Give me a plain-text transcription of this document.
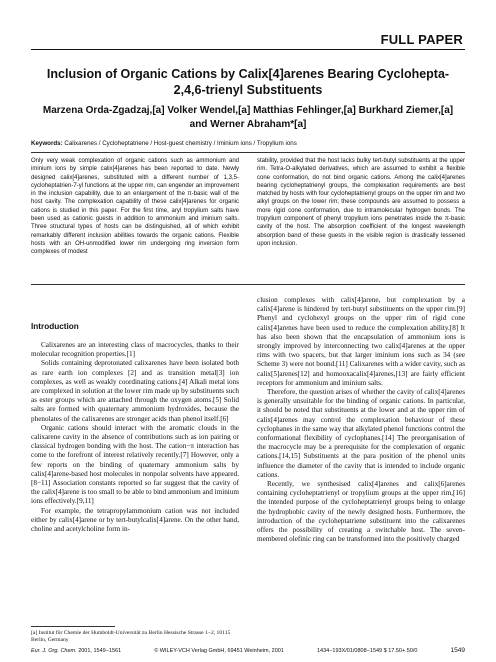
FULL PAPER
Inclusion of Organic Cations by Calix[4]arenes Bearing Cyclohepta-2,4,6-trienyl Substituents
Marzena Orda-Zgadzaj,[a] Volker Wendel,[a] Matthias Fehlinger,[a] Burkhard Ziemer,[a] and Werner Abraham*[a]
Keywords: Calixarenes / Cycloheptatriene / Host-guest chemistry / Iminium ions / Tropylium ions
Only very weak complexation of organic cations such as ammonium and iminium ions by simple calix[4]arenes has been reported to date. Newly designed calix[4]arenes, substituted with a different number of 1,3,5-cycloheptatrien-7-yl functions at the upper rim, can engender an improvement in the inclusion capability, due to an enlargement of the π-basic wall of the host cavity. The complexation capability of these calix[4]arenes for organic cations is studied in this paper. For the first time, aryl tropylium salts have been used as cationic guests in addition to ammonium and iminium salts. Three structural types of hosts can be distinguished, all of which exhibit remarkably different inclusion abilities towards the organic cations. Flexible hosts with an OH-unmodified lower rim undergoing ring inversion form complexes of modest
stability, provided that the host lacks bulky tert-butyl substituents at the upper rim. Tetra-O-alkylated derivatives, which are assumed to exhibit a flexible cone conformation, do not bind organic cations. Among the calix[4]arenes bearing cycloheptatrienyl groups, the complexation requirements are best matched by hosts with four cycloheptatrienyl groups on the upper rim and two alkyl groups on the lower rim; these compounds are assumed to possess a more rigid cone conformation, due to intramolecular hydrogen bonds. The tropylium component of phenyl tropylium ions penetrates inside the π-basic cavity of the host. The absorption coefficient of the longest wavelength absorption band of these guests in the visible region is drastically lessened upon inclusion.
Introduction

Calixarenes are an interesting class of macrocycles, thanks to their molecular recognition properties.[1]

Solids containing deprotonated calixarenes have been isolated both as rare earth ion complexes [2] and as transition metal[3] ion complexes, as well as weakly coordinating cations.[4] Alkali metal ions are complexed in solution at the lower rim made up by substituents such as ester groups which are attached through the oxygen atoms.[5] Solid salts are formed with quaternary ammonium hydroxides, because the phenolates of the calixarenes are stronger acids than phenol itself.[6]

Organic cations should interact with the aromatic clouds in the calixarene cavity in the absence of contributions such as ion pairing or classical hydrogen bonding with the host. The cation−π interaction has come to the forefront of interest relatively recently.[7] However, only a few reports on the binding of quaternary ammonium salts by calix[4]arene-based host molecules in nonpolar solvents have appeared.[8−11] Association constants reported so far suggest that the cavity of the calix[4]arene is too small to be able to bind ammonium and iminium ions effectively.[9,11]

For example, the tetrapropylammonium cation was not included either by calix[4]arene or by tert-butylcalix[4]arene. On the other hand, choline and acetylcholine form in-

clusion complexes with calix[4]arene, but complexation by a calix[4]arene is hindered by tert-butyl substituents on the upper rim.[9] Phenyl and cyclohexyl groups on the upper rim of rigid cone calix[4]arenes have been used to reduce the complexation ability.[8] It has also been shown that the encapsulation of ammonium ions is strongly improved by interconnecting two calix[4]arenes at the upper rims with two spacers, but that larger iminium ions such as 34 (see Scheme 3) were not bound.[11] Calixarenes with a wider cavity, such as calix[5]arenes[12] and homooxacalix[4]arenes,[13] are fairly efficient receptors for ammonium and iminium salts.

Therefore, the question arises of whether the cavity of calix[4]arenes is generally unsuitable for the binding of organic cations. In particular, it should be noted that substituents at the lower and at the upper rim of calix[4]arenes may control the complexation behaviour of these cyclophanes in the same way that alkylated phenol functions control the conformational flexibility of cyclophanes.[14] The preorganisation of the macrocycle may be a prerequisite for the complexation of organic cations.[14,15] Substituents at the para position of the phenol units influence the diameter of the cavity that is intended to include organic cations.

Recently, we synthesised calix[4]arenes and calix[6]arenes containing cycloheptatrienyl or tropylium groups at the upper rim,[16] the intended purpose of the cycloheptatrienyl groups being to enlarge the hydrophobic cavity of the newly designed hosts. Furthermore, the introduction of the cycloheptatriene substituent into the calixarenes offers the possibility of creating a switchable host. The seven-membered olefinic ring can be transformed into the positively charged

[a] Institut für Chemie der Humboldt-Universität zu Berlin Hessische Strasse 1−2, 10115 Berlin, Germany
Eur. J. Org. Chem. 2001, 1549−1561	© WILEY-VCH Verlag GmbH, 69451 Weinheim, 2001	1434−193X/01/0808−1549 $ 17.50+.50/0	1549
